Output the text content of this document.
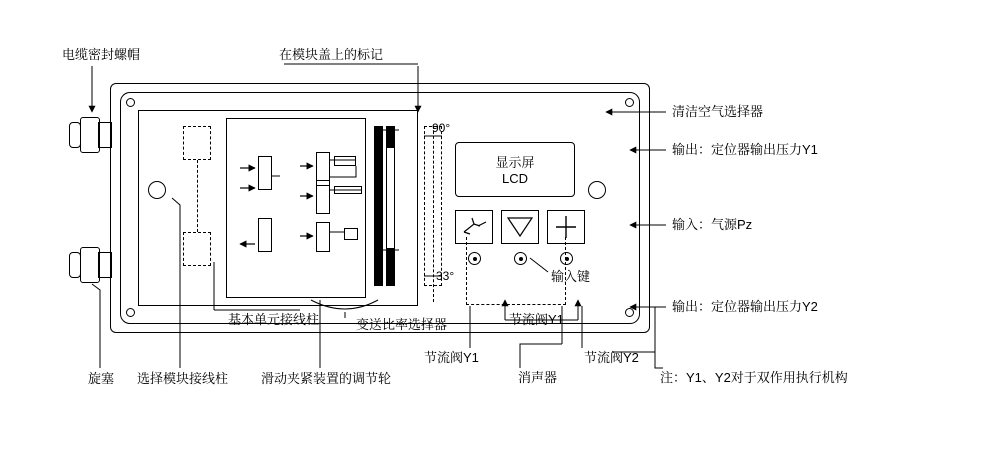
电缆密封螺帽	在模块盖上的标记
清洁空气选择器
输出：定位器输出压力Y1
输入：气源Pz
输出：定位器输出压力Y2
90°
33°	输入键
基本单元接线柱	变送比率选择器	节流阀Y1
旋塞 选择模块接线柱	滑动夹紧装置的调节轮
节流阀Y1
消声器
节流阀Y2
注：Y1、Y2对于双作用执行机构
显示屏
LCD
